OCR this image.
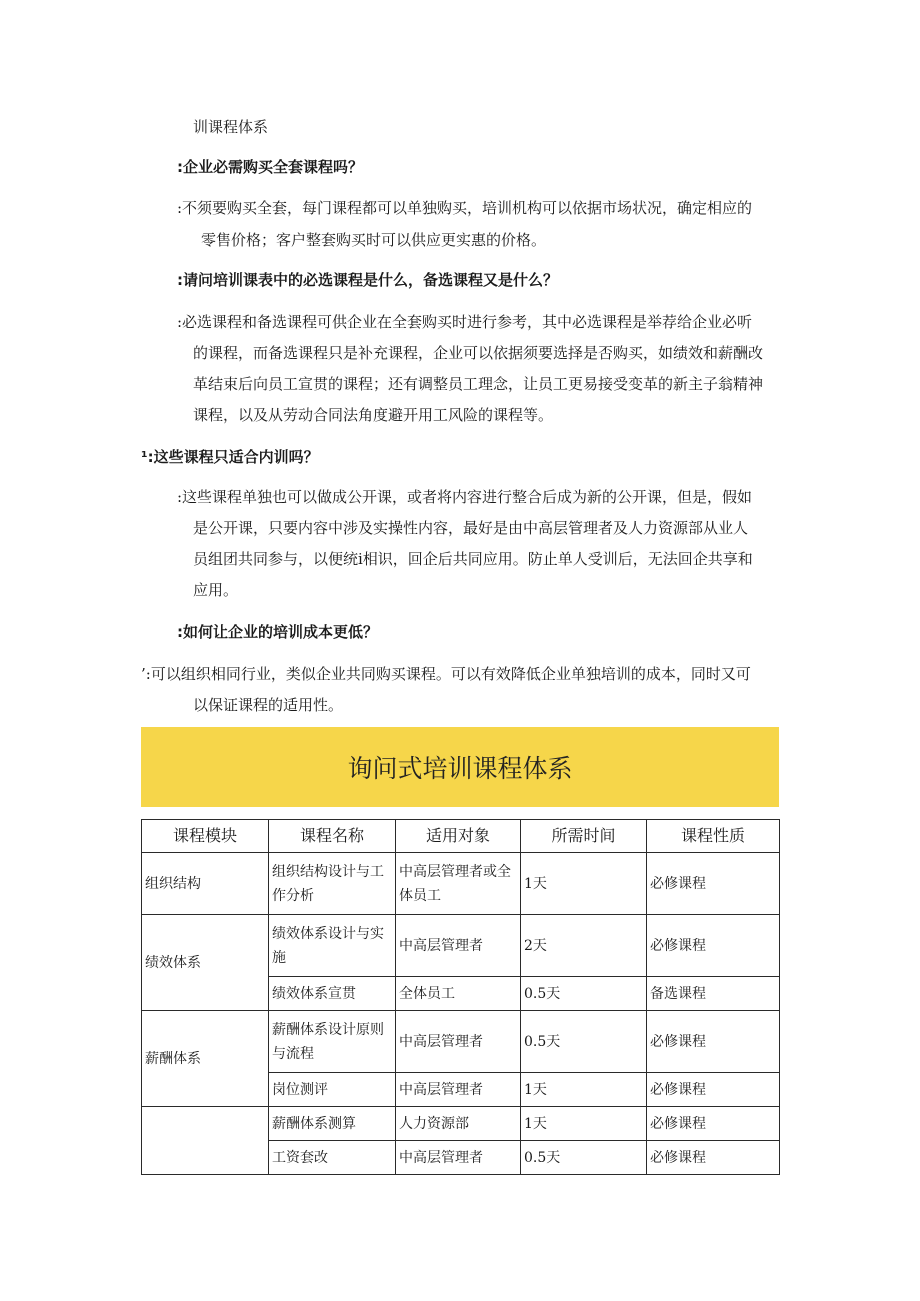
训课程体系
:企业必需购买全套课程吗？
:不须要购买全套，每门课程都可以单独购买，培训机构可以依据市场状况，确定相应的
零售价格；客户整套购买时可以供应更实惠的价格。
:请问培训课表中的必选课程是什么，备选课程又是什么？
:必选课程和备选课程可供企业在全套购买时进行参考，其中必选课程是举荐给企业必听
的课程，而备选课程只是补充课程，企业可以依据须要选择是否购买，如绩效和薪酬改
革结束后向员工宣贯的课程；还有调整员工理念，让员工更易接受变革的新主子翁精神
课程，以及从劳动合同法角度避开用工风险的课程等。
¹:这些课程只适合内训吗？
:这些课程单独也可以做成公开课，或者将内容进行整合后成为新的公开课，但是，假如
是公开课，只要内容中涉及实操性内容，最好是由中高层管理者及人力资源部从业人
员组团共同参与，以便统i相识，回企后共同应用。防止单人受训后，无法回企共享和
应用。
:如何让企业的培训成本更低？
’:可以组织相同行业，类似企业共同购买课程。可以有效降低企业单独培训的成本，同时又可
以保证课程的适用性。
询问式培训课程体系
课程模块	课程名称	适用对象	所需时间	课程性质
组织结构	组织结构设计与工作分析	中高层管理者或全体员工	1天	必修课程
绩效体系	绩效体系设计与实施	中高层管理者	2天	必修课程
	绩效体系宣贯	全体员工	0.5天	备选课程
薪酬体系	薪酬体系设计原则与流程	中高层管理者	0.5天	必修课程
	岗位测评	中高层管理者	1天	必修课程
	薪酬体系测算	人力资源部	1天	必修课程
	工资套改	中高层管理者	0.5天	必修课程
